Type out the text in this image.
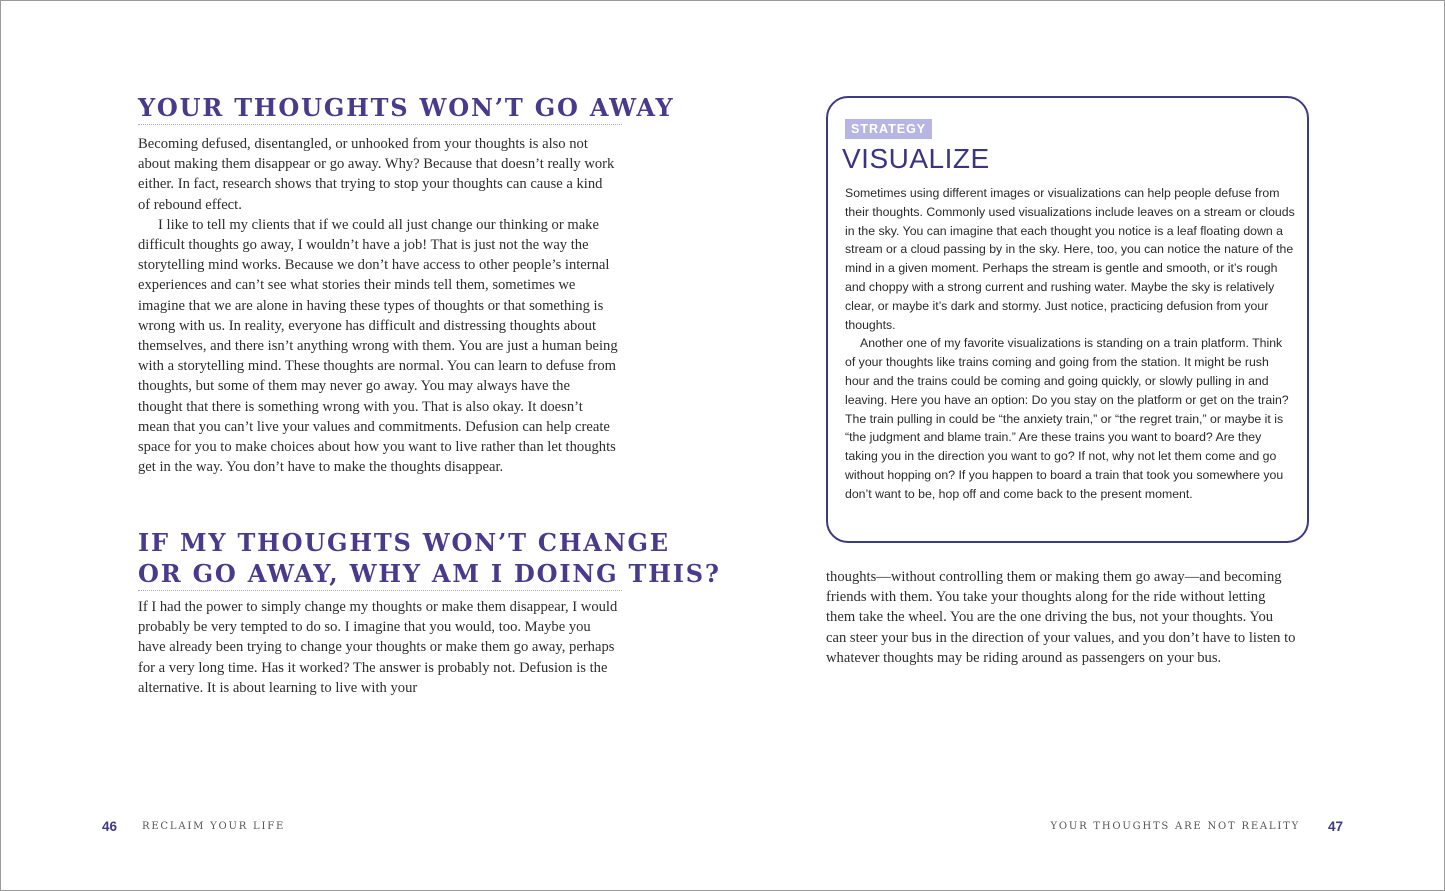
YOUR THOUGHTS WON’T GO AWAY

Becoming defused, disentangled, or unhooked from your thoughts is also not about making them disappear or go away. Why? Because that doesn’t really work either. In fact, research shows that trying to stop your thoughts can cause a kind of rebound effect.

I like to tell my clients that if we could all just change our thinking or make difficult thoughts go away, I wouldn’t have a job! That is just not the way the storytelling mind works. Because we don’t have access to other people’s internal experiences and can’t see what stories their minds tell them, sometimes we imagine that we are alone in having these types of thoughts or that something is wrong with us. In reality, everyone has difficult and distressing thoughts about themselves, and there isn’t anything wrong with them. You are just a human being with a storytelling mind. These thoughts are normal. You can learn to defuse from thoughts, but some of them may never go away. You may always have the thought that there is something wrong with you. That is also okay. It doesn’t mean that you can’t live your values and commitments. Defusion can help create space for you to make choices about how you want to live rather than let thoughts get in the way. You don’t have to make the thoughts disappear.

IF MY THOUGHTS WON’T CHANGE
OR GO AWAY, WHY AM I DOING THIS?

If I had the power to simply change my thoughts or make them disappear, I would probably be very tempted to do so. I imagine that you would, too. Maybe you have already been trying to change your thoughts or make them go away, perhaps for a very long time. Has it worked? The answer is probably not. Defusion is the alternative. It is about learning to live with your

46 RECLAIM YOUR LIFE
STRATEGY
VISUALIZE

Sometimes using different images or visualizations can help people defuse from their thoughts. Commonly used visualizations include leaves on a stream or clouds in the sky. You can imagine that each thought you notice is a leaf floating down a stream or a cloud passing by in the sky. Here, too, you can notice the nature of the mind in a given moment. Perhaps the stream is gentle and smooth, or it’s rough and choppy with a strong current and rushing water. Maybe the sky is relatively clear, or maybe it’s dark and stormy. Just notice, practicing defusion from your thoughts.

Another one of my favorite visualizations is standing on a train platform. Think of your thoughts like trains coming and going from the station. It might be rush hour and the trains could be coming and going quickly, or slowly pulling in and leaving. Here you have an option: Do you stay on the platform or get on the train? The train pulling in could be “the anxiety train,” or “the regret train,” or maybe it is “the judgment and blame train.” Are these trains you want to board? Are they taking you in the direction you want to go? If not, why not let them come and go without hopping on? If you happen to board a train that took you somewhere you don’t want to be, hop off and come back to the present moment.

thoughts—without controlling them or making them go away—and becoming friends with them. You take your thoughts along for the ride without letting them take the wheel. You are the one driving the bus, not your thoughts. You can steer your bus in the direction of your values, and you don’t have to listen to whatever thoughts may be riding around as passengers on your bus.

YOUR THOUGHTS ARE NOT REALITY 47
